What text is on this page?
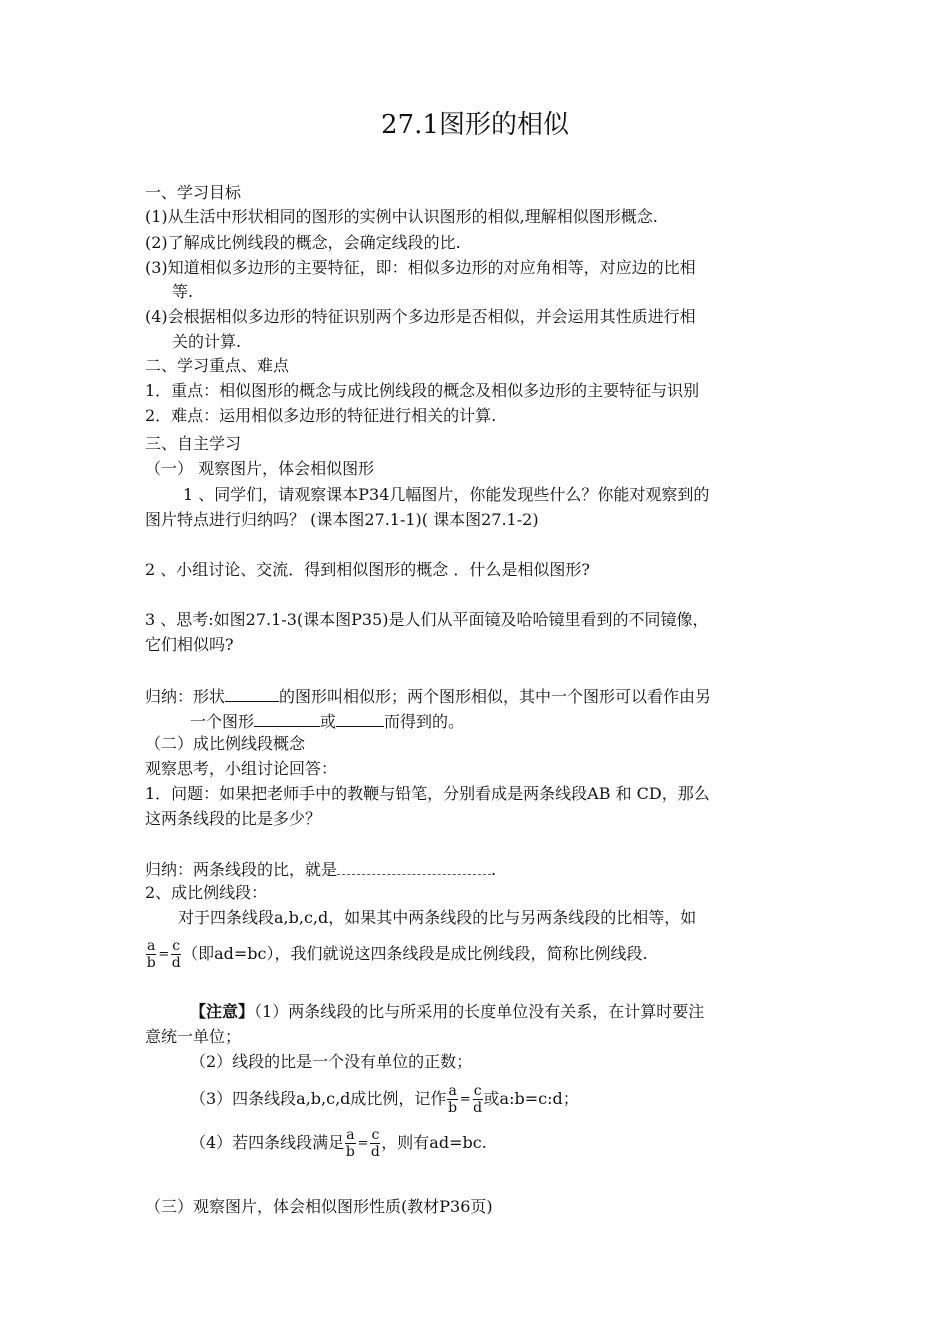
27.1图形的相似
一、学习目标
(1)从生活中形状相同的图形的实例中认识图形的相似,理解相似图形概念.
(2)了解成比例线段的概念，会确定线段的比.
(3)知道相似多边形的主要特征，即：相似多边形的对应角相等，对应边的比相
等.
(4)会根据相似多边形的特征识别两个多边形是否相似，并会运用其性质进行相
关的计算.
二、学习重点、难点
1．重点：相似图形的概念与成比例线段的概念及相似多边形的主要特征与识别
2．难点：运用相似多边形的特征进行相关的计算.
三、自主学习
（一） 观察图片，体会相似图形
1 、同学们，请观察课本P34几幅图片，你能发现些什么？你能对观察到的
图片特点进行归纳吗？ (课本图27.1-1)( 课本图27.1-2)
2 、小组讨论、交流．得到相似图形的概念 ．什么是相似图形?
3 、思考:如图27.1-3(课本图P35)是人们从平面镜及哈哈镜里看到的不同镜像，
它们相似吗?
归纳：形状	的图形叫相似形；两个图形相似，其中一个图形可以看作由另
一个图形	或	而得到的。
（二）成比例线段概念
观察思考，小组讨论回答：
1．问题：如果把老师手中的教鞭与铅笔，分别看成是两条线段AB 和 CD，那么
这两条线段的比是多少？
归纳：两条线段的比，就是	.
2、成比例线段：
对于四条线段a,b,c,d，如果其中两条线段的比与另两条线段的比相等，如
$\frac{a}{b} = \frac{c}{d}$ （即ad=bc），我们就说这四条线段是成比例线段，简称比例线段.
【注意】（1）两条线段的比与所采用的长度单位没有关系，在计算时要注
意统一单位；
（2）线段的比是一个没有单位的正数；
（3）四条线段a,b,c,d成比例，记作 $\frac{a}{b} = \frac{c}{d}$ 或a:b=c:d；
（4）若四条线段满足 $\frac{a}{b} = \frac{c}{d}$ ，则有ad=bc.
（三）观察图片，体会相似图形性质(教材P36页)
